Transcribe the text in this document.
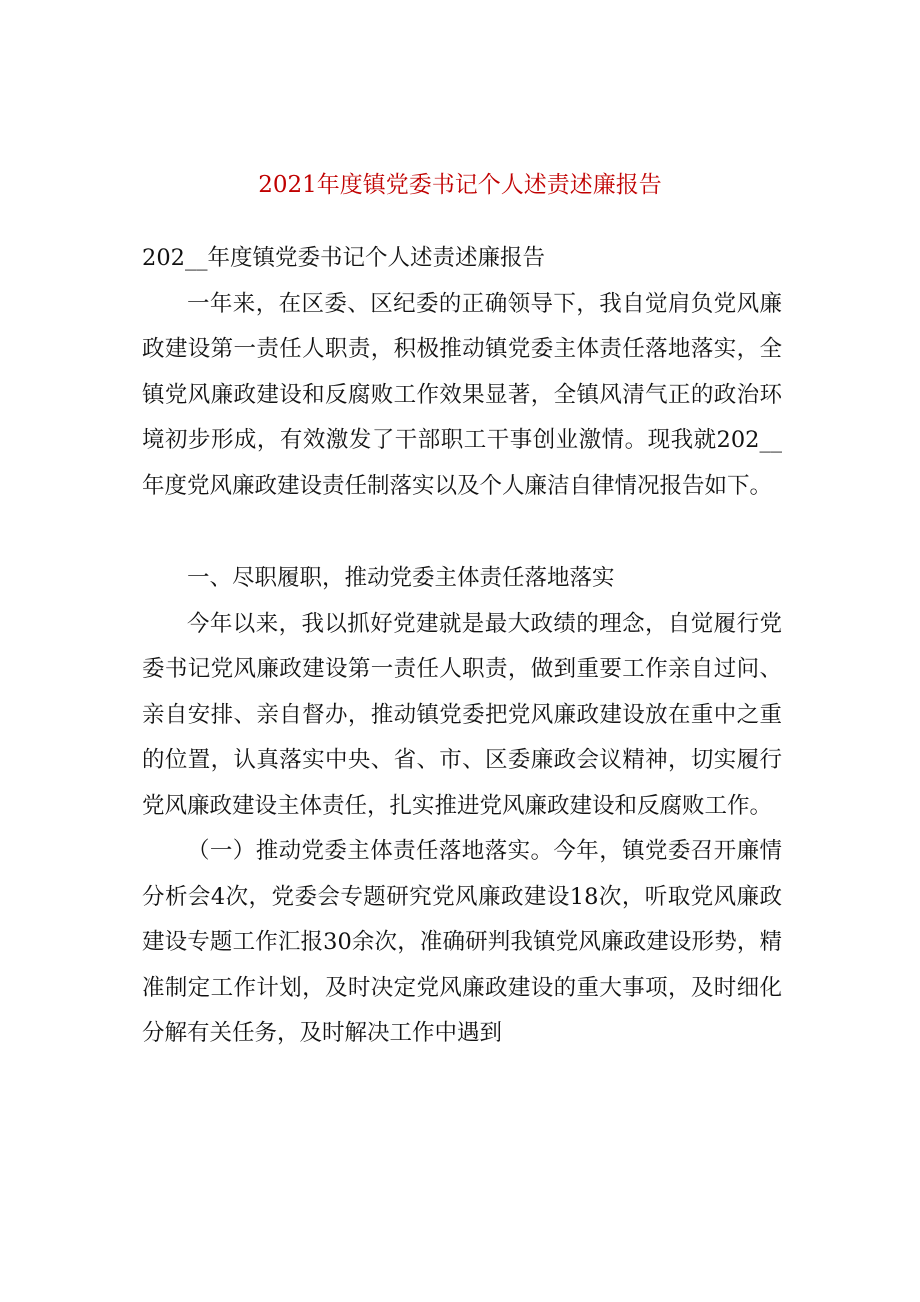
2021年度镇党委书记个人述责述廉报告

202__年度镇党委书记个人述责述廉报告

一年来，在区委、区纪委的正确领导下，我自觉肩负党风廉政建设第一责任人职责，积极推动镇党委主体责任落地落实，全镇党风廉政建设和反腐败工作效果显著，全镇风清气正的政治环境初步形成，有效激发了干部职工干事创业激情。现我就202__年度党风廉政建设责任制落实以及个人廉洁自律情况报告如下。

一、尽职履职，推动党委主体责任落地落实

今年以来，我以抓好党建就是最大政绩的理念，自觉履行党委书记党风廉政建设第一责任人职责，做到重要工作亲自过问、亲自安排、亲自督办，推动镇党委把党风廉政建设放在重中之重的位置，认真落实中央、省、市、区委廉政会议精神，切实履行党风廉政建设主体责任，扎实推进党风廉政建设和反腐败工作。

（一）推动党委主体责任落地落实。今年，镇党委召开廉情分析会4次，党委会专题研究党风廉政建设18次，听取党风廉政建设专题工作汇报30余次，准确研判我镇党风廉政建设形势，精准制定工作计划，及时决定党风廉政建设的重大事项，及时细化分解有关任务，及时解决工作中遇到
